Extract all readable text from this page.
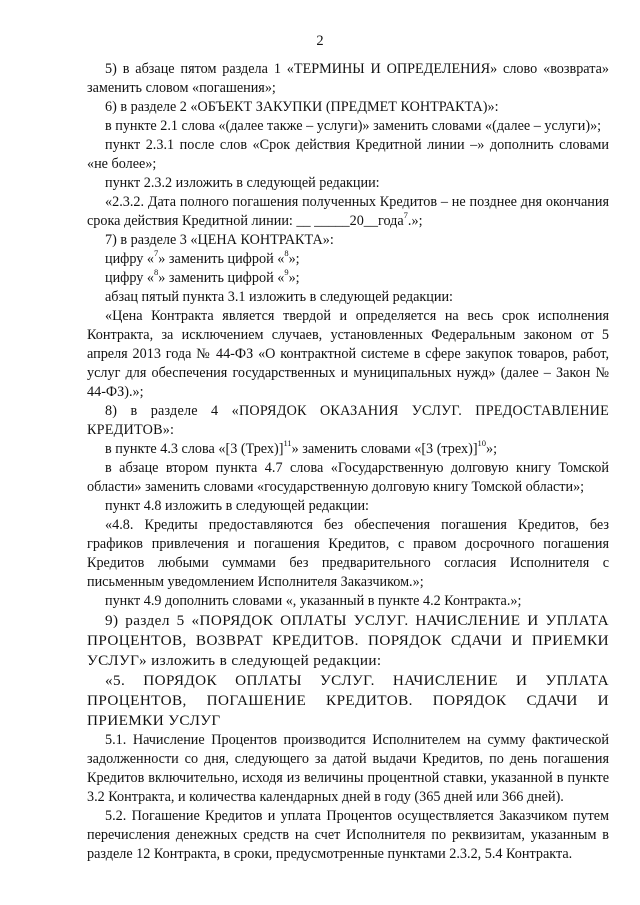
2

5) в абзаце пятом раздела 1 «ТЕРМИНЫ И ОПРЕДЕЛЕНИЯ» слово «возврата» заменить словом «погашения»;

6) в разделе 2 «ОБЪЕКТ ЗАКУПКИ (ПРЕДМЕТ КОНТРАКТА)»:

в пункте 2.1 слова «(далее также – услуги)» заменить словами «(далее – услуги)»;

пункт 2.3.1 после слов «Срок действия Кредитной линии –» дополнить словами «не более»;

пункт 2.3.2 изложить в следующей редакции:

«2.3.2. Дата полного погашения полученных Кредитов – не позднее дня окончания срока действия Кредитной линии: __ _____20__года$^7$.»;

7) в разделе 3 «ЦЕНА КОНТРАКТА»:

цифру «$^7$» заменить цифрой «$^8$»;

цифру «$^8$» заменить цифрой «$^9$»;

абзац пятый пункта 3.1 изложить в следующей редакции:

«Цена Контракта является твердой и определяется на весь срок исполнения Контракта, за исключением случаев, установленных Федеральным законом от 5 апреля 2013 года № 44-ФЗ «О контрактной системе в сфере закупок товаров, работ, услуг для обеспечения государственных и муниципальных нужд» (далее – Закон № 44-ФЗ).»;

8) в разделе 4 «ПОРЯДОК ОКАЗАНИЯ УСЛУГ. ПРЕДОСТАВЛЕНИЕ КРЕДИТОВ»:

в пункте 4.3 слова «[3 (Трех)]$^{11}$» заменить словами «[3 (трех)]$^{10}$»;

в абзаце втором пункта 4.7 слова «Государственную долговую книгу Томской области» заменить словами «государственную долговую книгу Томской области»;

пункт 4.8 изложить в следующей редакции:

«4.8. Кредиты предоставляются без обеспечения погашения Кредитов, без графиков привлечения и погашения Кредитов, с правом досрочного погашения Кредитов любыми суммами без предварительного согласия Исполнителя с письменным уведомлением Исполнителя Заказчиком.»;

пункт 4.9 дополнить словами «, указанный в пункте 4.2 Контракта.»;

9) раздел 5 «ПОРЯДОК ОПЛАТЫ УСЛУГ. НАЧИСЛЕНИЕ И УПЛАТА ПРОЦЕНТОВ, ВОЗВРАТ КРЕДИТОВ. ПОРЯДОК СДАЧИ И ПРИЕМКИ УСЛУГ» изложить в следующей редакции:

«5. ПОРЯДОК ОПЛАТЫ УСЛУГ. НАЧИСЛЕНИЕ И УПЛАТА ПРОЦЕНТОВ, ПОГАШЕНИЕ КРЕДИТОВ. ПОРЯДОК СДАЧИ И ПРИЕМКИ УСЛУГ

5.1. Начисление Процентов производится Исполнителем на сумму фактической задолженности со дня, следующего за датой выдачи Кредитов, по день погашения Кредитов включительно, исходя из величины процентной ставки, указанной в пункте 3.2 Контракта, и количества календарных дней в году (365 дней или 366 дней).

5.2. Погашение Кредитов и уплата Процентов осуществляется Заказчиком путем перечисления денежных средств на счет Исполнителя по реквизитам, указанным в разделе 12 Контракта, в сроки, предусмотренные пунктами 2.3.2, 5.4 Контракта.
